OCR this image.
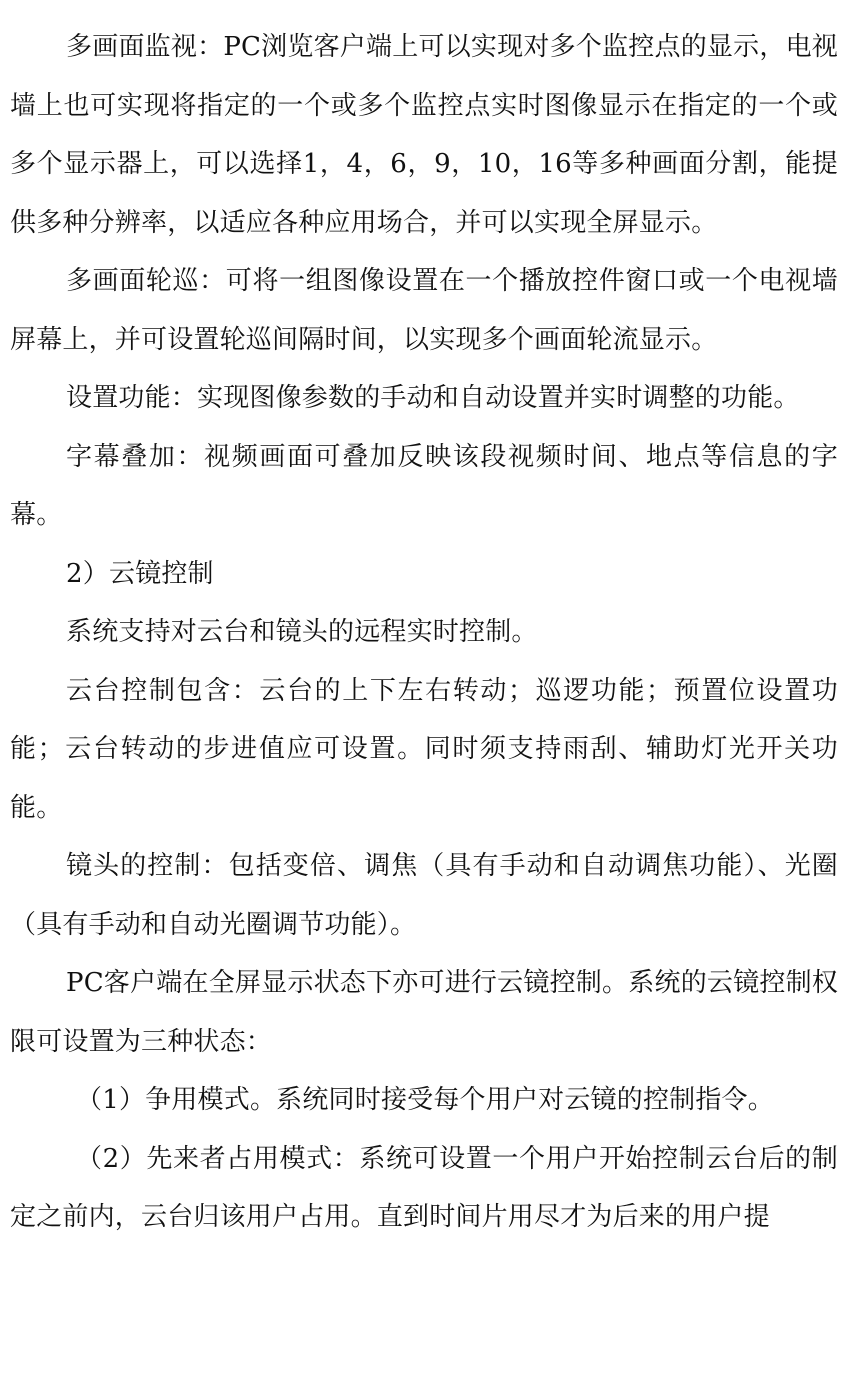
多画面监视：PC浏览客户端上可以实现对多个监控点的显示，电视墙上也可实现将指定的一个或多个监控点实时图像显示在指定的一个或多个显示器上，可以选择1，4，6，9，10，16等多种画面分割，能提供多种分辨率，以适应各种应用场合，并可以实现全屏显示。

多画面轮巡：可将一组图像设置在一个播放控件窗口或一个电视墙屏幕上，并可设置轮巡间隔时间，以实现多个画面轮流显示。

设置功能：实现图像参数的手动和自动设置并实时调整的功能。

字幕叠加：视频画面可叠加反映该段视频时间、地点等信息的字幕。

2）云镜控制

系统支持对云台和镜头的远程实时控制。

云台控制包含：云台的上下左右转动；巡逻功能；预置位设置功能；云台转动的步进值应可设置。同时须支持雨刮、辅助灯光开关功能。

镜头的控制：包括变倍、调焦（具有手动和自动调焦功能）、光圈（具有手动和自动光圈调节功能）。

PC客户端在全屏显示状态下亦可进行云镜控制。系统的云镜控制权限可设置为三种状态：

（1）争用模式。系统同时接受每个用户对云镜的控制指令。

（2）先来者占用模式：系统可设置一个用户开始控制云台后的制定之前内，云台归该用户占用。直到时间片用尽才为后来的用户提
